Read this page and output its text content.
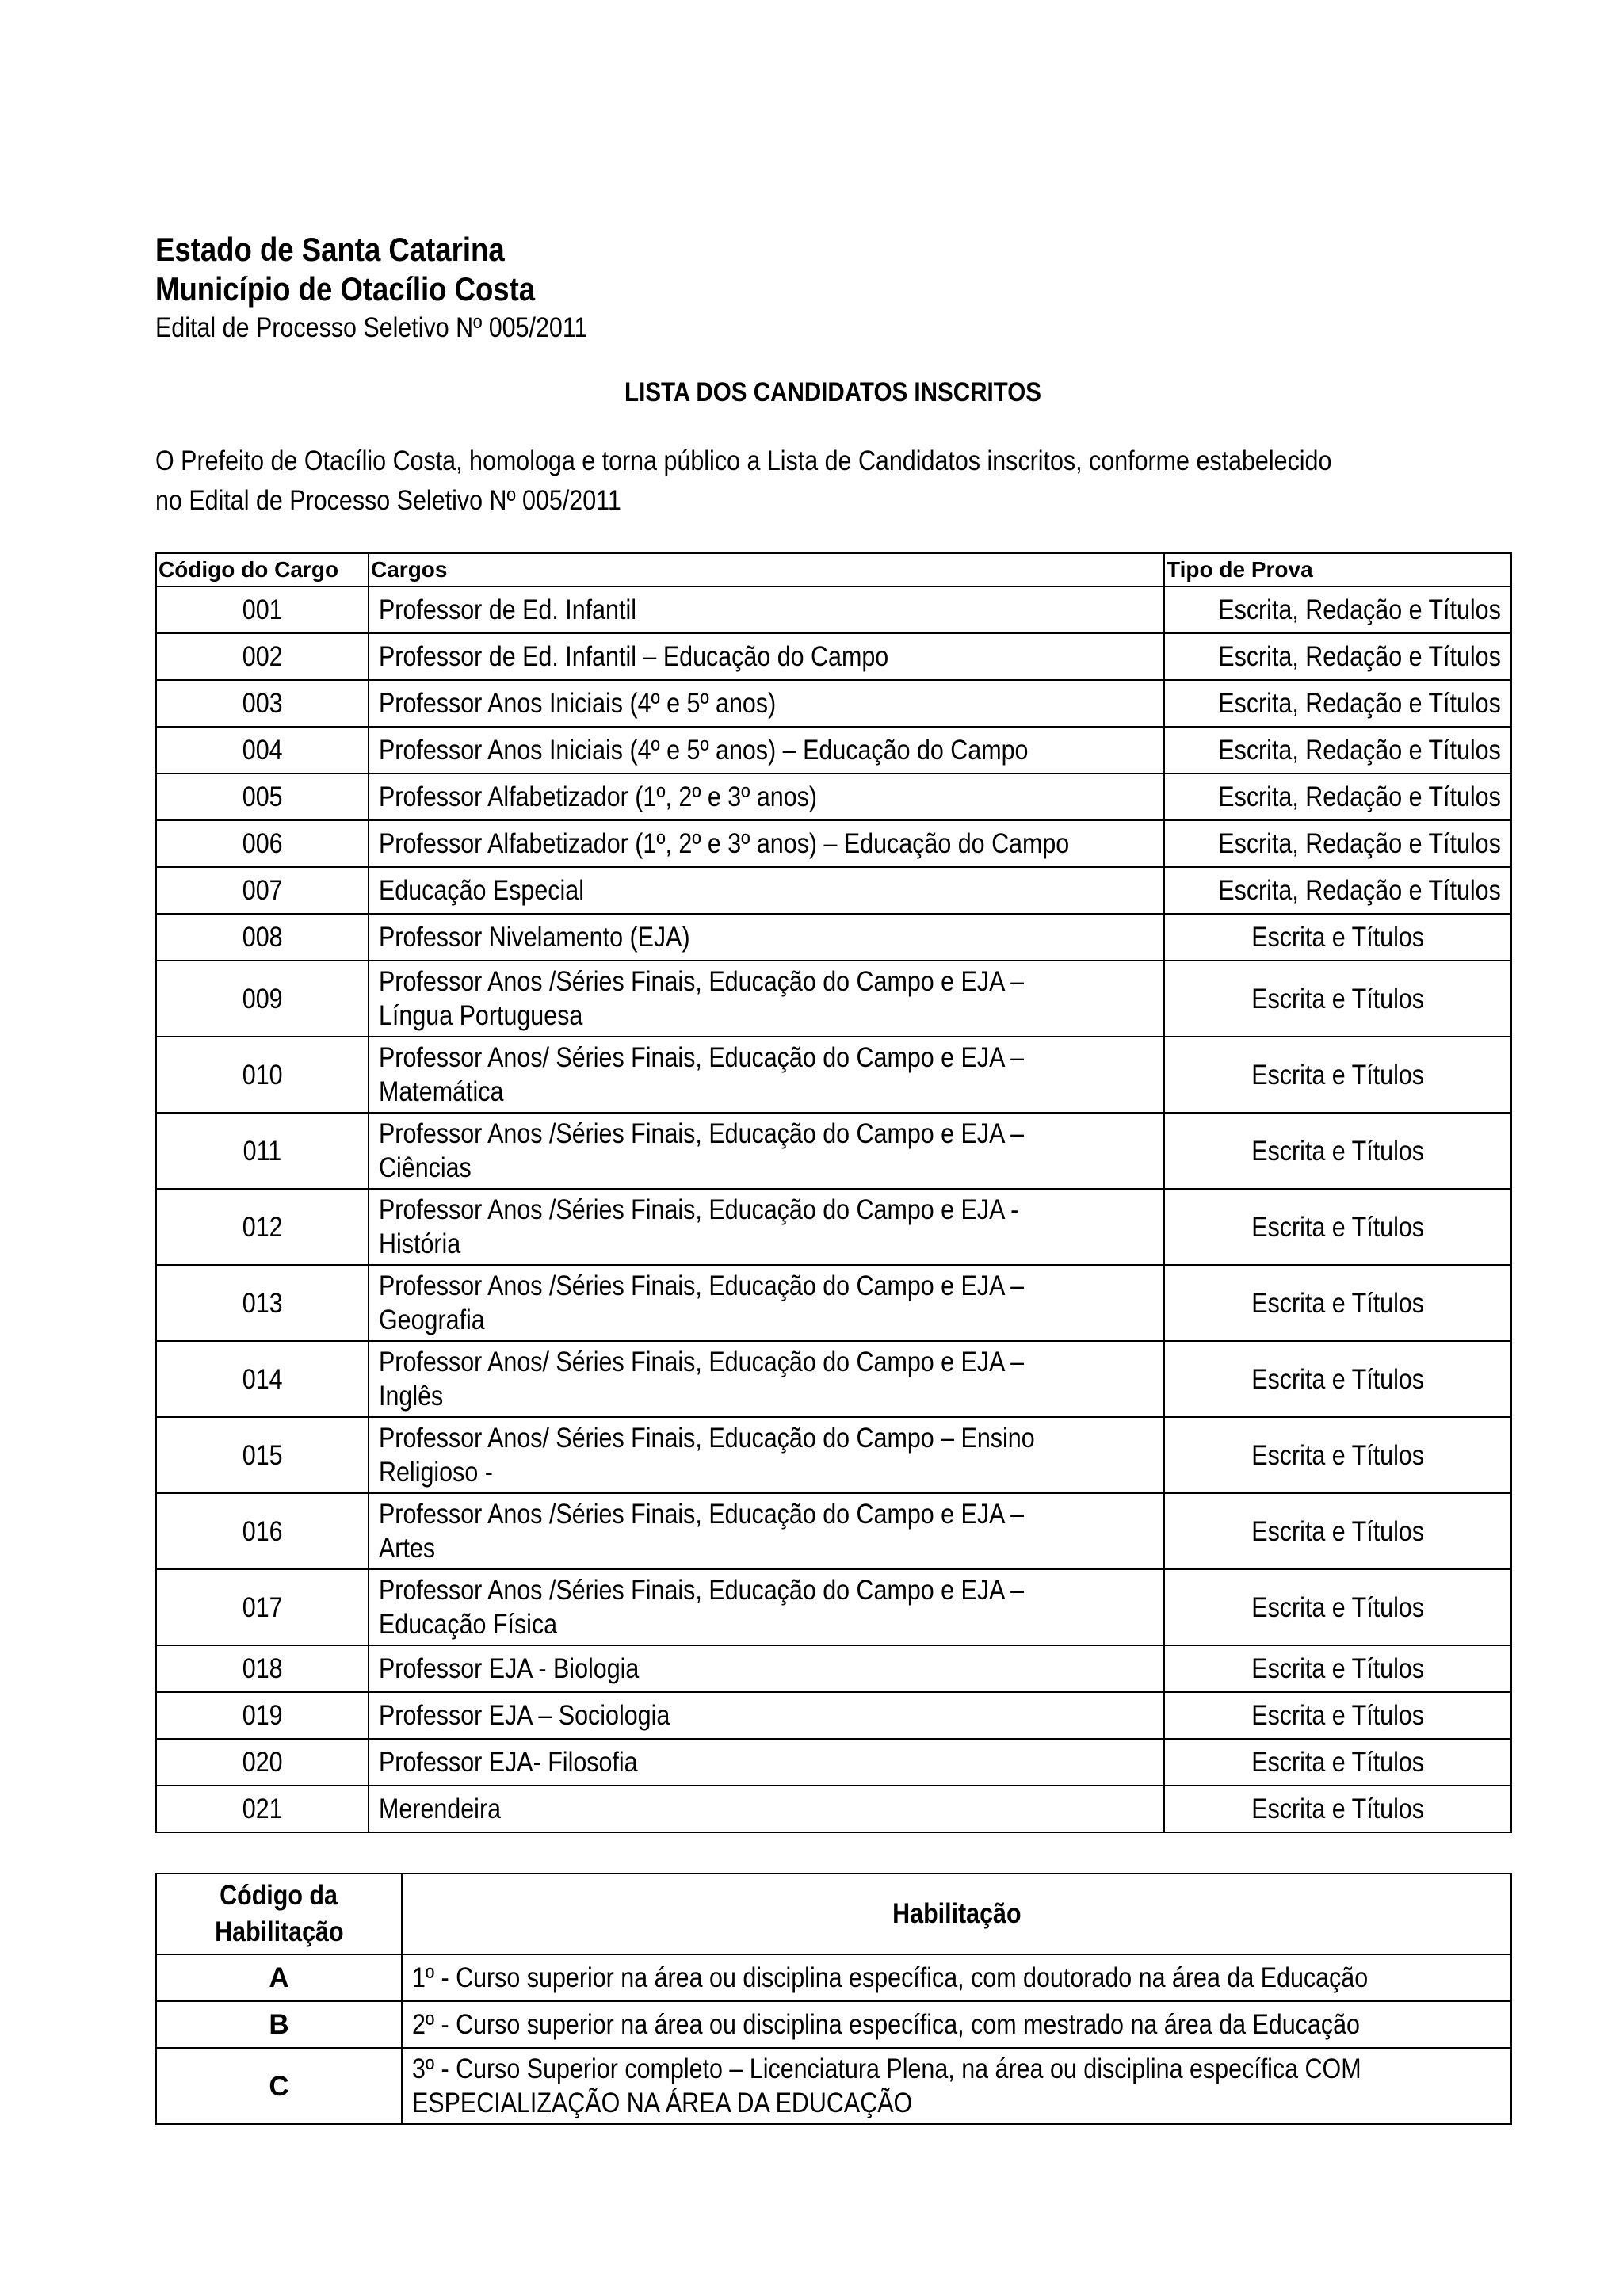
Estado de Santa Catarina
Município de Otacílio Costa
Edital de Processo Seletivo Nº 005/2011
LISTA DOS CANDIDATOS INSCRITOS
O Prefeito de Otacílio Costa, homologa e torna público a Lista de Candidatos inscritos, conforme estabelecido
no Edital de Processo Seletivo Nº 005/2011
Código do Cargo	Cargos	Tipo de Prova
001	Professor de Ed. Infantil	Escrita, Redação e Títulos
002	Professor de Ed. Infantil – Educação do Campo	Escrita, Redação e Títulos
003	Professor Anos Iniciais (4º e 5º anos)	Escrita, Redação e Títulos
004	Professor Anos Iniciais (4º e 5º anos) – Educação do Campo	Escrita, Redação e Títulos
005	Professor Alfabetizador (1º, 2º e 3º anos)	Escrita, Redação e Títulos
006	Professor Alfabetizador (1º, 2º e 3º anos) – Educação do Campo	Escrita, Redação e Títulos
007	Educação Especial	Escrita, Redação e Títulos
008	Professor Nivelamento (EJA)	Escrita e Títulos
009	Professor Anos /Séries Finais, Educação do Campo e EJA –
Língua Portuguesa	Escrita e Títulos
010	Professor Anos/ Séries Finais, Educação do Campo e EJA –
Matemática	Escrita e Títulos
011	Professor Anos /Séries Finais, Educação do Campo e EJA –
Ciências	Escrita e Títulos
012	Professor Anos /Séries Finais, Educação do Campo e EJA -
História	Escrita e Títulos
013	Professor Anos /Séries Finais, Educação do Campo e EJA –
Geografia	Escrita e Títulos
014	Professor Anos/ Séries Finais, Educação do Campo e EJA –
Inglês	Escrita e Títulos
015	Professor Anos/ Séries Finais, Educação do Campo – Ensino
Religioso -	Escrita e Títulos
016	Professor Anos /Séries Finais, Educação do Campo e EJA –
Artes	Escrita e Títulos
017	Professor Anos /Séries Finais, Educação do Campo e EJA –
Educação Física	Escrita e Títulos
018	Professor EJA - Biologia	Escrita e Títulos
019	Professor EJA – Sociologia	Escrita e Títulos
020	Professor EJA- Filosofia	Escrita e Títulos
021	Merendeira	Escrita e Títulos
Código da
Habilitação	Habilitação
A	1º - Curso superior na área ou disciplina específica, com doutorado na área da Educação

B	2º - Curso superior na área ou disciplina específica, com mestrado na área da Educação

C	3º - Curso Superior completo – Licenciatura Plena, na área ou disciplina específica COM
ESPECIALIZAÇÃO NA ÁREA DA EDUCAÇÃO
